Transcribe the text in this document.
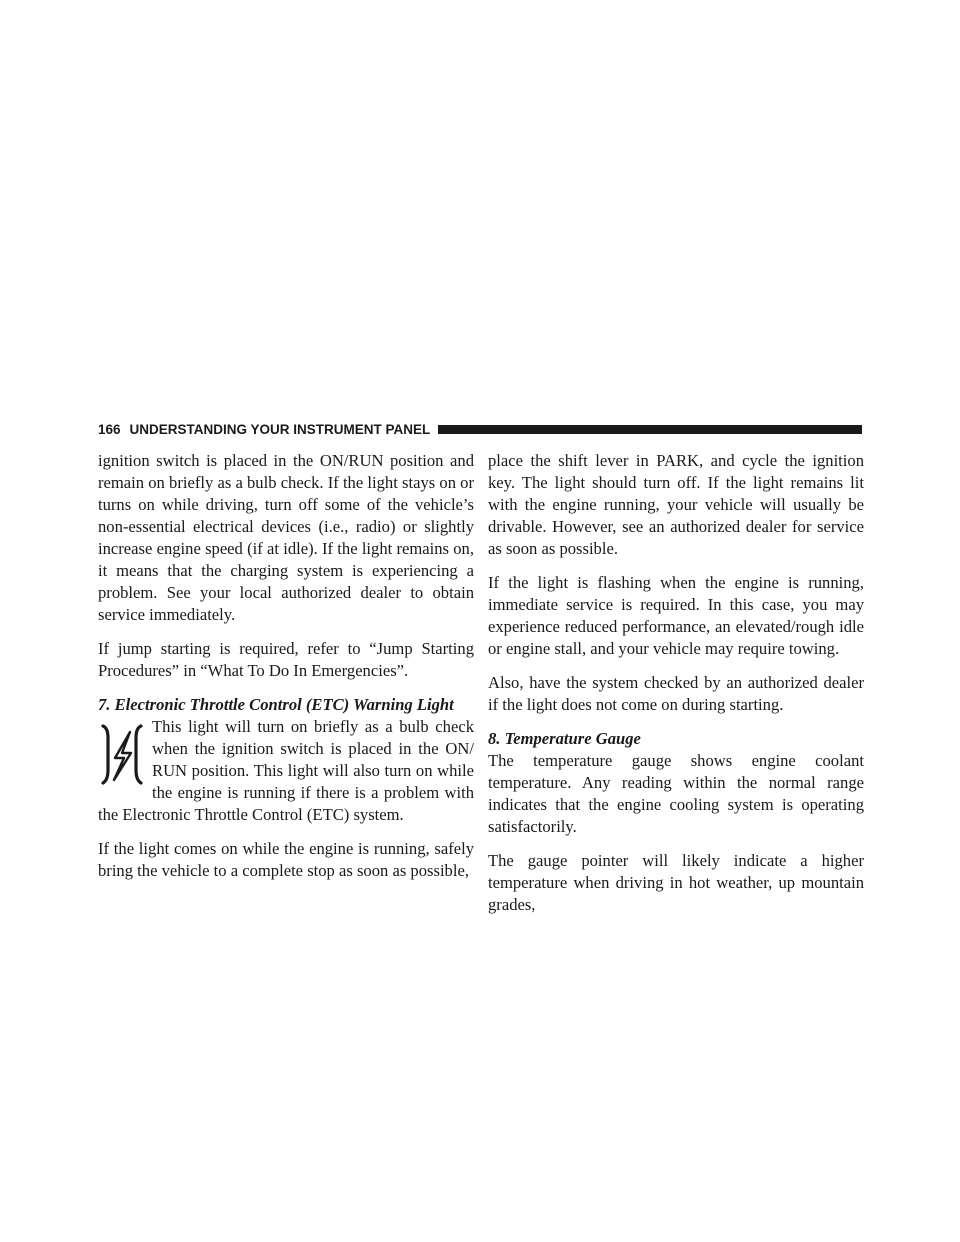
166 UNDERSTANDING YOUR INSTRUMENT PANEL

ignition switch is placed in the ON/RUN position and remain on briefly as a bulb check. If the light stays on or turns on while driving, turn off some of the vehicle’s non-essential electrical devices (i.e., radio) or slightly increase engine speed (if at idle). If the light remains on, it means that the charging system is experiencing a problem. See your local authorized dealer to obtain service immediately.

If jump starting is required, refer to “Jump Starting Procedures” in “What To Do In Emergencies”.

7. Electronic Throttle Control (ETC) Warning Light

This light will turn on briefly as a bulb check when the ignition switch is placed in the ON/ RUN position. This light will also turn on while the engine is running if there is a problem with the Electronic Throttle Control (ETC) system.

If the light comes on while the engine is running, safely bring the vehicle to a complete stop as soon as possible,

place the shift lever in PARK, and cycle the ignition key. The light should turn off. If the light remains lit with the engine running, your vehicle will usually be drivable. However, see an authorized dealer for service as soon as possible.

If the light is flashing when the engine is running, immediate service is required. In this case, you may experience reduced performance, an elevated/rough idle or engine stall, and your vehicle may require towing.

Also, have the system checked by an authorized dealer if the light does not come on during starting.

8. Temperature Gauge

The temperature gauge shows engine coolant temperature. Any reading within the normal range indicates that the engine cooling system is operating satisfactorily.

The gauge pointer will likely indicate a higher temperature when driving in hot weather, up mountain grades,
